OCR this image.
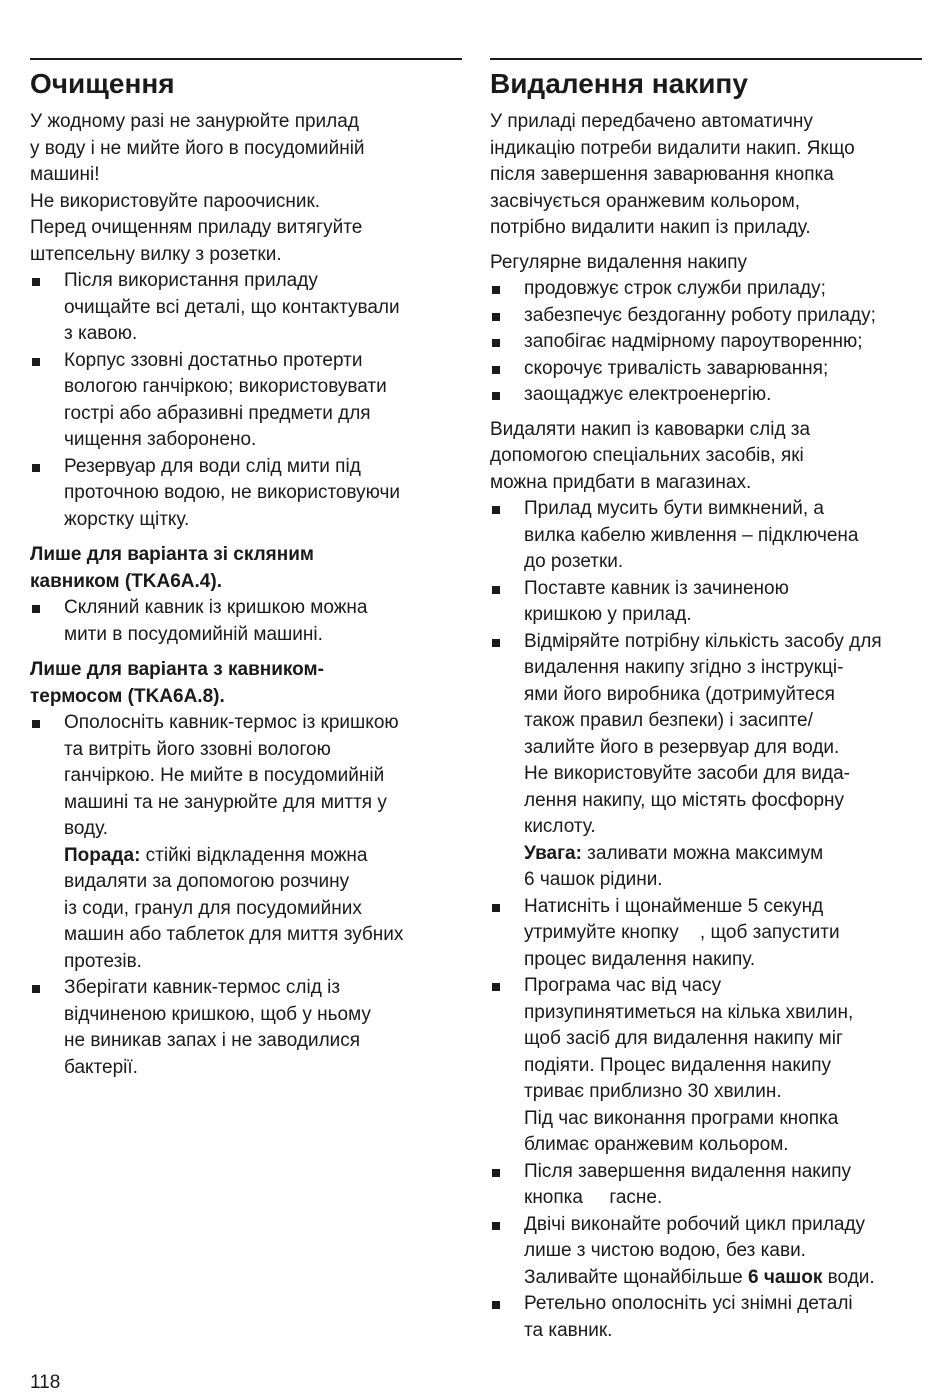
Очищення

У жодному разі не занурюйте прилад
у воду і не мийте його в посудомийній
машині!
Не використовуйте пароочисник.
Перед очищенням приладу витягуйте
штепсельну вилку з розетки.

Після використання приладу
очищайте всі деталі, що контактували
з кавою.
Корпус ззовні достатньо протерти
вологою ганчіркою; використовувати
гострі або абразивні предмети для
чищення заборонено.
Резервуар для води слід мити під
проточною водою, не використовуючи
жорстку щітку.

Лише для варіанта зі скляним
кавником (TKA6A.4).

Скляний кавник із кришкою можна
мити в посудомийній машині.

Лише для варіанта з кавником-
термосом (TKA6A.8).

Ополосніть кавник-термос із кришкою
та витріть його ззовні вологою
ганчіркою. Не мийте в посудомийній
машині та не занурюйте для миття у
воду.
Порада: стійкі відкладення можна
видаляти за допомогою розчину
із соди, гранул для посудомийних
машин або таблеток для миття зубних
протезів.
Зберігати кавник-термос слід із
відчиненою кришкою, щоб у ньому
не виникав запах і не заводилися
бактерії.
Видалення накипу

У приладі передбачено автоматичну
індикацію потреби видалити накип. Якщо
після завершення заварювання кнопка
засвічується оранжевим кольором,
потрібно видалити накип із приладу.

Регулярне видалення накипу

продовжує строк служби приладу;
забезпечує бездоганну роботу приладу;
запобігає надмірному пароутворенню;
скорочує тривалість заварювання;
заощаджує електроенергію.

Видаляти накип із кавоварки слід за
допомогою спеціальних засобів, які
можна придбати в магазинах.

Прилад мусить бути вимкнений, а
вилка кабелю живлення – підключена
до розетки.
Поставте кавник із зачиненою
кришкою у прилад.
Відміряйте потрібну кількість засобу для
видалення накипу згідно з інструкці-
ями його виробника (дотримуйтеся
також правил безпеки) і засипте/
залийте його в резервуар для води.
Не використовуйте засоби для вида-
лення накипу, що містять фосфорну
кислоту.
Увага: заливати можна максимум
6 чашок рідини.
Натисніть і щонайменше 5 секунд
утримуйте кнопку    , щоб запустити
процес видалення накипу.
Програма час від часу
призупинятиметься на кілька хвилин,
щоб засіб для видалення накипу міг
подіяти. Процес видалення накипу
триває приблизно 30 хвилин.
Під час виконання програми кнопка
блимає оранжевим кольором.
Після завершення видалення накипу
кнопка     гасне.
Двічі виконайте робочий цикл приладу
лише з чистою водою, без кави.
Заливайте щонайбільше 6 чашок води.
Ретельно ополосніть усі знімні деталі
та кавник.
118
